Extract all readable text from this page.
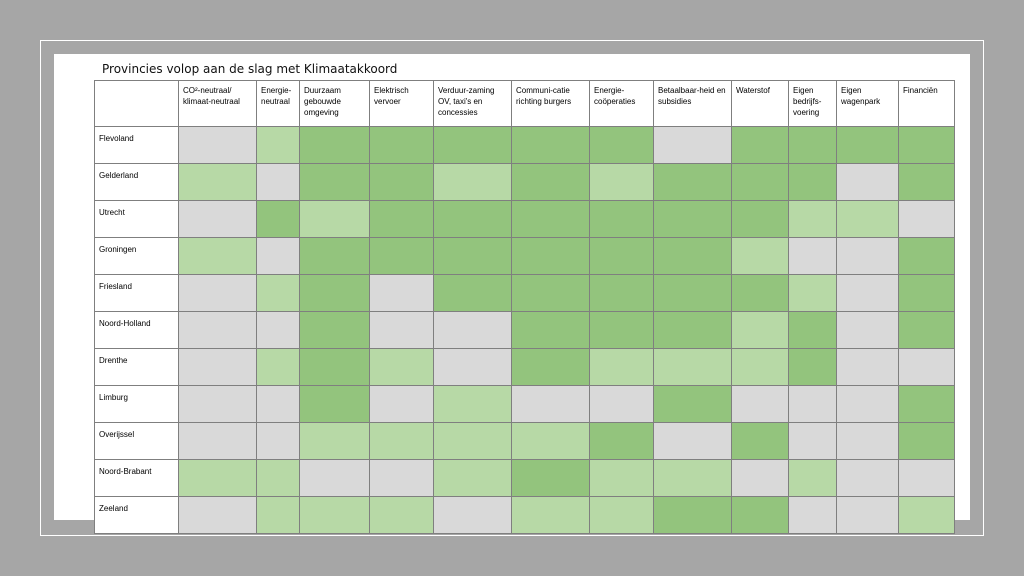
Provincies volop aan de slag met Klimaatakkoord
	CO²-neutraal/ klimaat-neutraal	Energie-neutraal	Duurzaam gebouwde omgeving	Elektrisch vervoer	Verduur-zaming OV, taxi's en concessies	Communi-catie richting burgers	Energie-coöperaties	Betaalbaar-heid en subsidies	Waterstof	Eigen bedrijfs-voering	Eigen wagenpark	Financiën
Flevoland												
Gelderland												
Utrecht												
Groningen												
Friesland												
Noord-Holland												
Drenthe												
Limburg												
Overijssel												
Noord-Brabant												
Zeeland												
